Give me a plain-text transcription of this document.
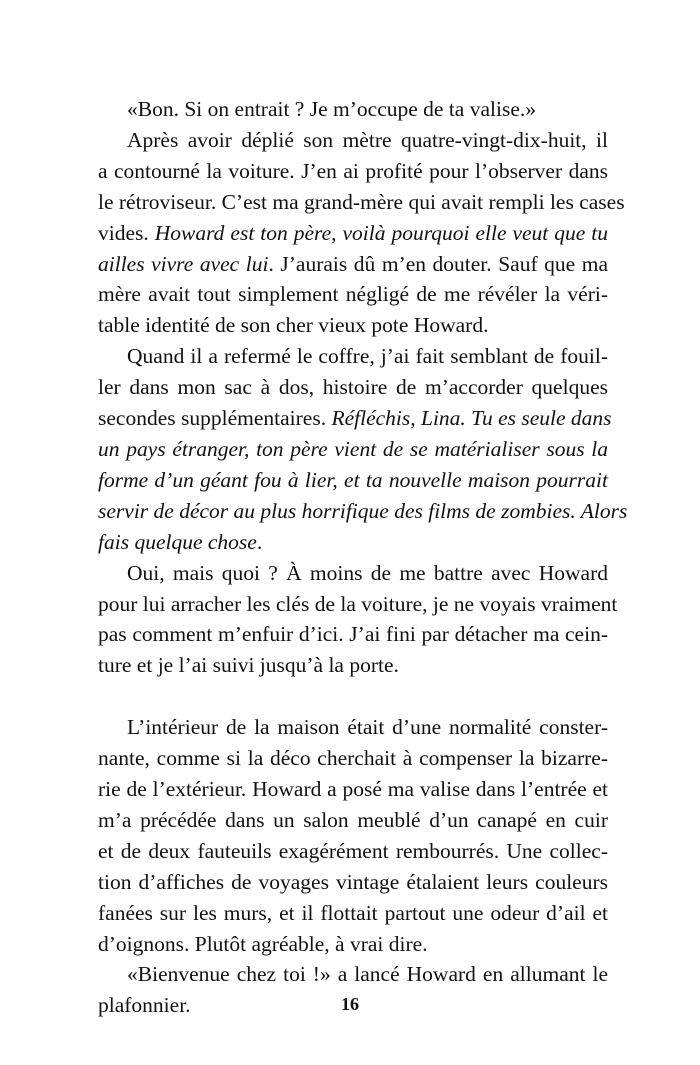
«Bon. Si on entrait ? Je m’occupe de ta valise.»
Après avoir déplié son mètre quatre-vingt-dix-huit, il
a contourné la voiture. J’en ai profité pour l’observer dans
le rétroviseur. C’est ma grand-mère qui avait rempli les cases
vides. Howard est ton père, voilà pourquoi elle veut que tu
ailles vivre avec lui. J’aurais dû m’en douter. Sauf que ma
mère avait tout simplement négligé de me révéler la véri-
table identité de son cher vieux pote Howard.
Quand il a refermé le coffre, j’ai fait semblant de fouil-
ler dans mon sac à dos, histoire de m’accorder quelques
secondes supplémentaires. Réfléchis, Lina. Tu es seule dans
un pays étranger, ton père vient de se matérialiser sous la
forme d’un géant fou à lier, et ta nouvelle maison pourrait
servir de décor au plus horrifique des films de zombies. Alors
fais quelque chose.
Oui, mais quoi ? À moins de me battre avec Howard
pour lui arracher les clés de la voiture, je ne voyais vraiment
pas comment m’enfuir d’ici. J’ai fini par détacher ma cein-
ture et je l’ai suivi jusqu’à la porte.
L’intérieur de la maison était d’une normalité conster-
nante, comme si la déco cherchait à compenser la bizarre-
rie de l’extérieur. Howard a posé ma valise dans l’entrée et
m’a précédée dans un salon meublé d’un canapé en cuir
et de deux fauteuils exagérément rembourrés. Une collec-
tion d’affiches de voyages vintage étalaient leurs couleurs
fanées sur les murs, et il flottait partout une odeur d’ail et
d’oignons. Plutôt agréable, à vrai dire.
«Bienvenue chez toi !» a lancé Howard en allumant le
plafonnier.	16
